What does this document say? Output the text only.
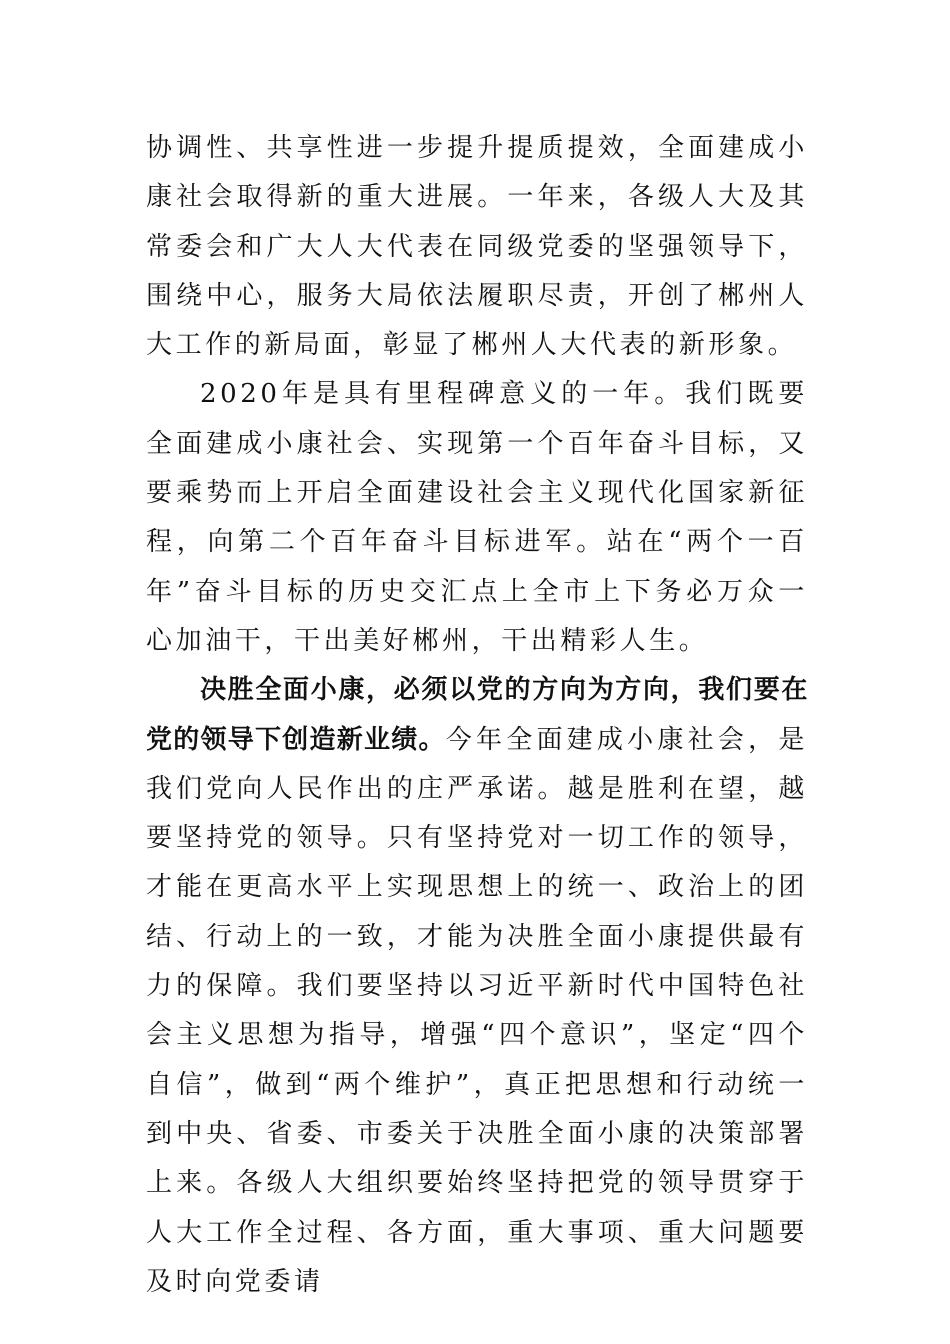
协调性、共享性进一步提升提质提效，全面建成小康社会取得新的重大进展。一年来，各级人大及其常委会和广大人大代表在同级党委的坚强领导下，围绕中心，服务大局依法履职尽责，开创了郴州人大工作的新局面，彰显了郴州人大代表的新形象。

2020年是具有里程碑意义的一年。我们既要全面建成小康社会、实现第一个百年奋斗目标，又要乘势而上开启全面建设社会主义现代化国家新征程，向第二个百年奋斗目标进军。站在“两个一百年”奋斗目标的历史交汇点上全市上下务必万众一心加油干，干出美好郴州，干出精彩人生。

决胜全面小康，必须以党的方向为方向，我们要在党的领导下创造新业绩。今年全面建成小康社会，是我们党向人民作出的庄严承诺。越是胜利在望，越要坚持党的领导。只有坚持党对一切工作的领导，才能在更高水平上实现思想上的统一、政治上的团结、行动上的一致，才能为决胜全面小康提供最有力的保障。我们要坚持以习近平新时代中国特色社会主义思想为指导，增强“四个意识”，坚定“四个自信”，做到“两个维护”，真正把思想和行动统一到中央、省委、市委关于决胜全面小康的决策部署上来。各级人大组织要始终坚持把党的领导贯穿于人大工作全过程、各方面，重大事项、重大问题要及时向党委请
